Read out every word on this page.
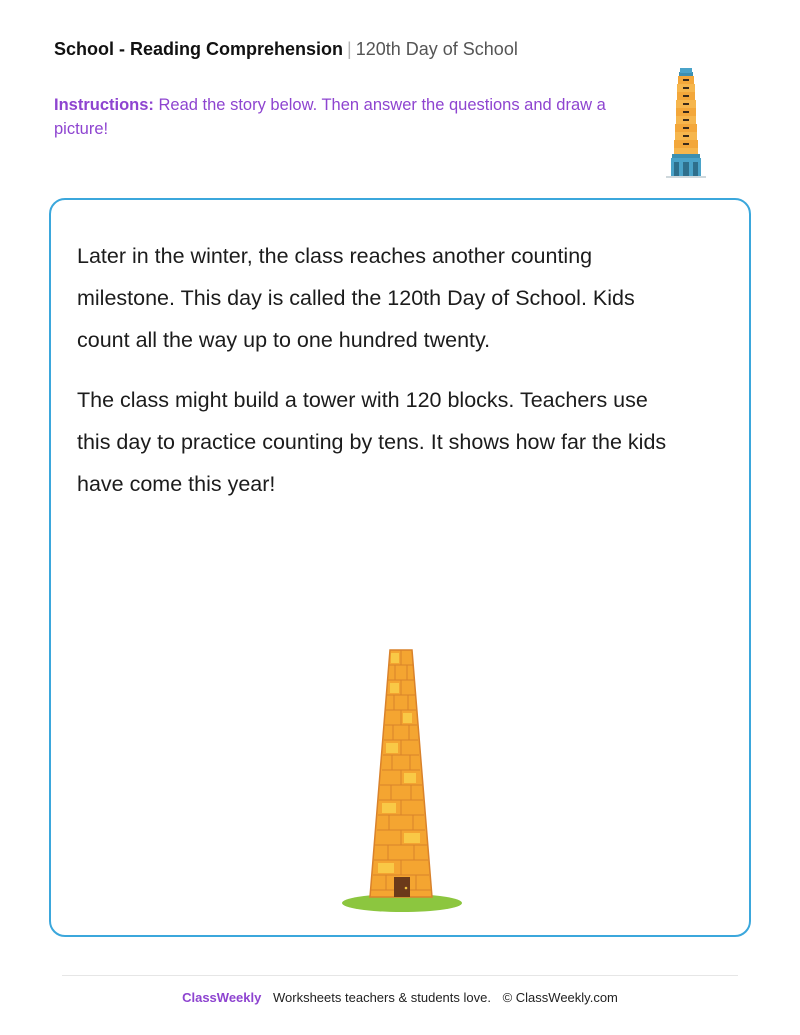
School - Reading Comprehension | 120th Day of School
Instructions: Read the story below. Then answer the questions and draw a picture!

Later in the winter, the class reaches another counting milestone. This day is called the 120th Day of School. Kids count all the way up to one hundred twenty.

The class might build a tower with 120 blocks. Teachers use this day to practice counting by tens. It shows how far the kids have come this year!

ClassWeekly Worksheets teachers & students love. © ClassWeekly.com
